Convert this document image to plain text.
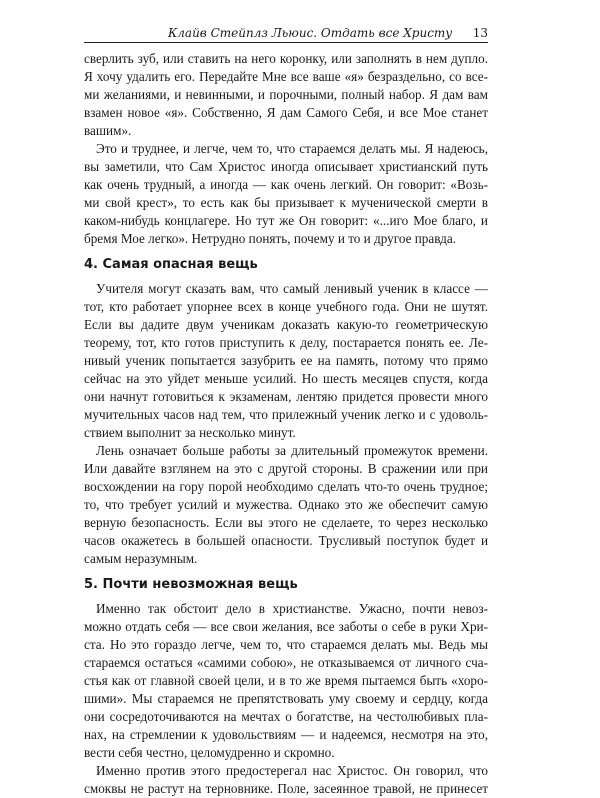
Клайв Стейплз Льюис. Отдать все Христу 13
сверлить зуб, или ставить на него коронку, или заполнять в нем дупло.
Я хочу удалить его. Передайте Мне все ваше «я» безраздельно, со все-
ми желаниями, и невинными, и порочными, полный набор. Я дам вам
взамен новое «я». Собственно, Я дам Самого Себя, и все Мое станет
вашим».
Это и труднее, и легче, чем то, что стараемся делать мы. Я надеюсь,
вы заметили, что Сам Христос иногда описывает христианский путь
как очень трудный, а иногда — как очень легкий. Он говорит: «Возь-
ми свой крест», то есть как бы призывает к мученической смерти в
каком-нибудь концлагере. Но тут же Он говорит: «...иго Мое благо, и
бремя Мое легко». Нетрудно понять, почему и то и другое правда.
4. Самая опасная вещь
Учителя могут сказать вам, что самый ленивый ученик в классе —
тот, кто работает упорнее всех в конце учебного года. Они не шутят.
Если вы дадите двум ученикам доказать какую-то геометрическую
теорему, тот, кто готов приступить к делу, постарается понять ее. Ле-
нивый ученик попытается зазубрить ее на память, потому что прямо
сейчас на это уйдет меньше усилий. Но шесть месяцев спустя, когда
они начнут готовиться к экзаменам, лентяю придется провести много
мучительных часов над тем, что прилежный ученик легко и с удоволь-
ствием выполнит за несколько минут.
Лень означает больше работы за длительный промежуток времени.
Или давайте взглянем на это с другой стороны. В сражении или при
восхождении на гору порой необходимо сделать что-то очень трудное;
то, что требует усилий и мужества. Однако это же обеспечит самую
верную безопасность. Если вы этого не сделаете, то через несколько
часов окажетесь в большей опасности. Трусливый поступок будет и
самым неразумным.
5. Почти невозможная вещь
Именно так обстоит дело в христианстве. Ужасно, почти невоз-
можно отдать себя — все свои желания, все заботы о себе в руки Хри-
ста. Но это гораздо легче, чем то, что стараемся делать мы. Ведь мы
стараемся остаться «самими собою», не отказываемся от личного сча-
стья как от главной своей цели, и в то же время пытаемся быть «хоро-
шими». Мы стараемся не препятствовать уму своему и сердцу, когда
они сосредоточиваются на мечтах о богатстве, на честолюбивых пла-
нах, на стремлении к удовольствиям — и надеемся, несмотря на это,
вести себя честно, целомудренно и скромно.
Именно против этого предостерегал нас Христос. Он говорил, что
смоквы не растут на терновнике. Поле, засеянное травой, не принесет
